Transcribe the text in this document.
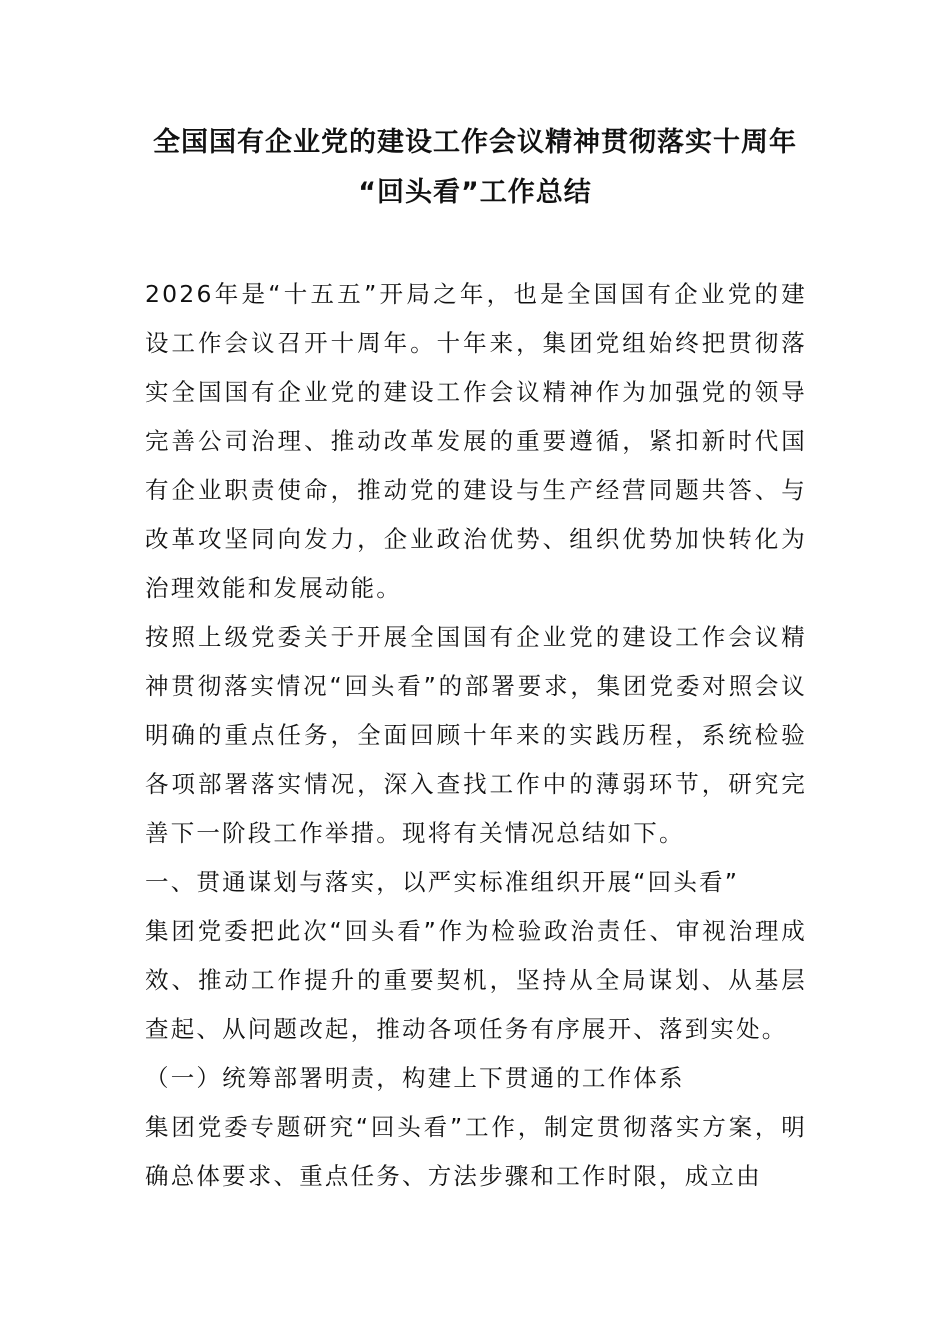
全国国有企业党的建设工作会议精神贯彻落实十周年
“回头看”工作总结

2026年是“十五五”开局之年，也是全国国有企业党的建设工作会议召开十周年。十年来，集团党组始终把贯彻落实全国国有企业党的建设工作会议精神作为加强党的领导完善公司治理、推动改革发展的重要遵循，紧扣新时代国有企业职责使命，推动党的建设与生产经营同题共答、与改革攻坚同向发力，企业政治优势、组织优势加快转化为治理效能和发展动能。

按照上级党委关于开展全国国有企业党的建设工作会议精神贯彻落实情况“回头看”的部署要求，集团党委对照会议明确的重点任务，全面回顾十年来的实践历程，系统检验各项部署落实情况，深入查找工作中的薄弱环节，研究完善下一阶段工作举措。现将有关情况总结如下。

一、贯通谋划与落实，以严实标准组织开展“回头看”

集团党委把此次“回头看”作为检验政治责任、审视治理成效、推动工作提升的重要契机，坚持从全局谋划、从基层查起、从问题改起，推动各项任务有序展开、落到实处。

（一）统筹部署明责，构建上下贯通的工作体系

集团党委专题研究“回头看”工作，制定贯彻落实方案，明确总体要求、重点任务、方法步骤和工作时限，成立由
